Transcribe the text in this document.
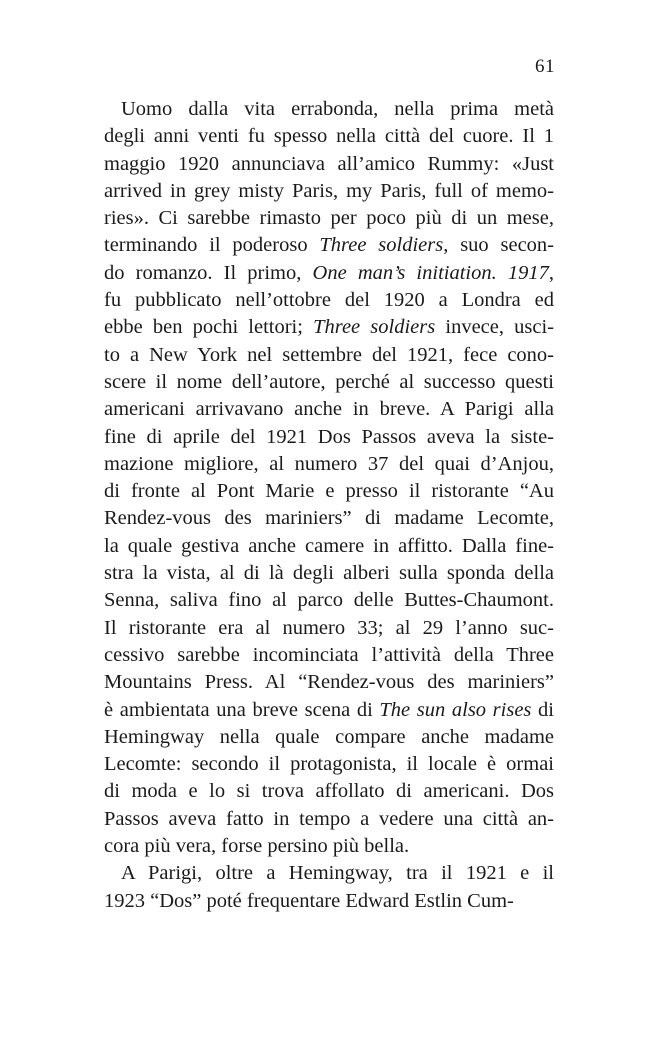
61
Uomo dalla vita errabonda, nella prima metà
degli anni venti fu spesso nella città del cuore. Il 1
maggio 1920 annunciava all’amico Rummy: «Just
arrived in grey misty Paris, my Paris, full of memo-
ries». Ci sarebbe rimasto per poco più di un mese,
terminando il poderoso Three soldiers, suo secon-
do romanzo. Il primo, One man’s initiation. 1917,
fu pubblicato nell’ottobre del 1920 a Londra ed
ebbe ben pochi lettori; Three soldiers invece, usci-
to a New York nel settembre del 1921, fece cono-
scere il nome dell’autore, perché al successo questi
americani arrivavano anche in breve. A Parigi alla
fine di aprile del 1921 Dos Passos aveva la siste-
mazione migliore, al numero 37 del quai d’Anjou,
di fronte al Pont Marie e presso il ristorante “Au
Rendez-vous des mariniers” di madame Lecomte,
la quale gestiva anche camere in affitto. Dalla fine-
stra la vista, al di là degli alberi sulla sponda della
Senna, saliva fino al parco delle Buttes-Chaumont.
Il ristorante era al numero 33; al 29 l’anno suc-
cessivo sarebbe incominciata l’attività della Three
Mountains Press. Al “Rendez-vous des mariniers”
è ambientata una breve scena di The sun also rises di
Hemingway nella quale compare anche madame
Lecomte: secondo il protagonista, il locale è ormai
di moda e lo si trova affollato di americani. Dos
Passos aveva fatto in tempo a vedere una città an-
cora più vera, forse persino più bella.
A Parigi, oltre a Hemingway, tra il 1921 e il
1923 “Dos” poté frequentare Edward Estlin Cum-
